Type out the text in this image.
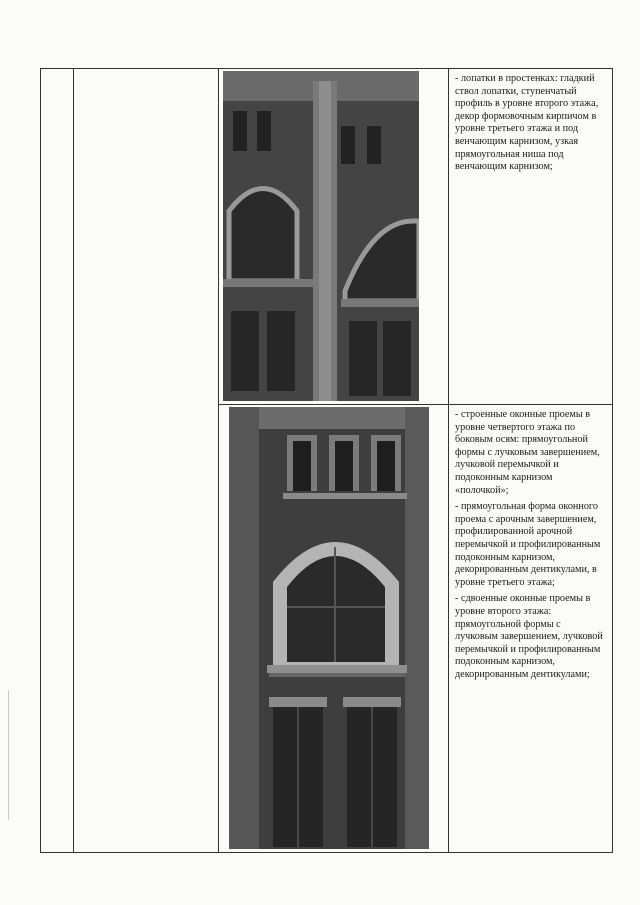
- лопатки в простенках: гладкий ствол лопатки, ступенчатый профиль в уровне второго этажа, декор формовочным кирпичом в уровне третьего этажа и под венчающим карнизом, узкая прямоугольная ниша под венчающим карнизом;

- строенные оконные проемы в уровне четвертого этажа по боковым осям: прямоугольной формы с лучковым завершением, лучковой перемычкой и подоконным карнизом «полочкой»;

- прямоугольная форма оконного проема с арочным завершением, профилированной арочной перемычкой и профилированным подоконным карнизом, декорированным дентикулами, в уровне третьего этажа;

- сдвоенные оконные проемы в уровне второго этажа: прямоугольной формы с лучковым завершением, лучковой перемычкой и профилированным подоконным карнизом, декорированным дентикулами;
